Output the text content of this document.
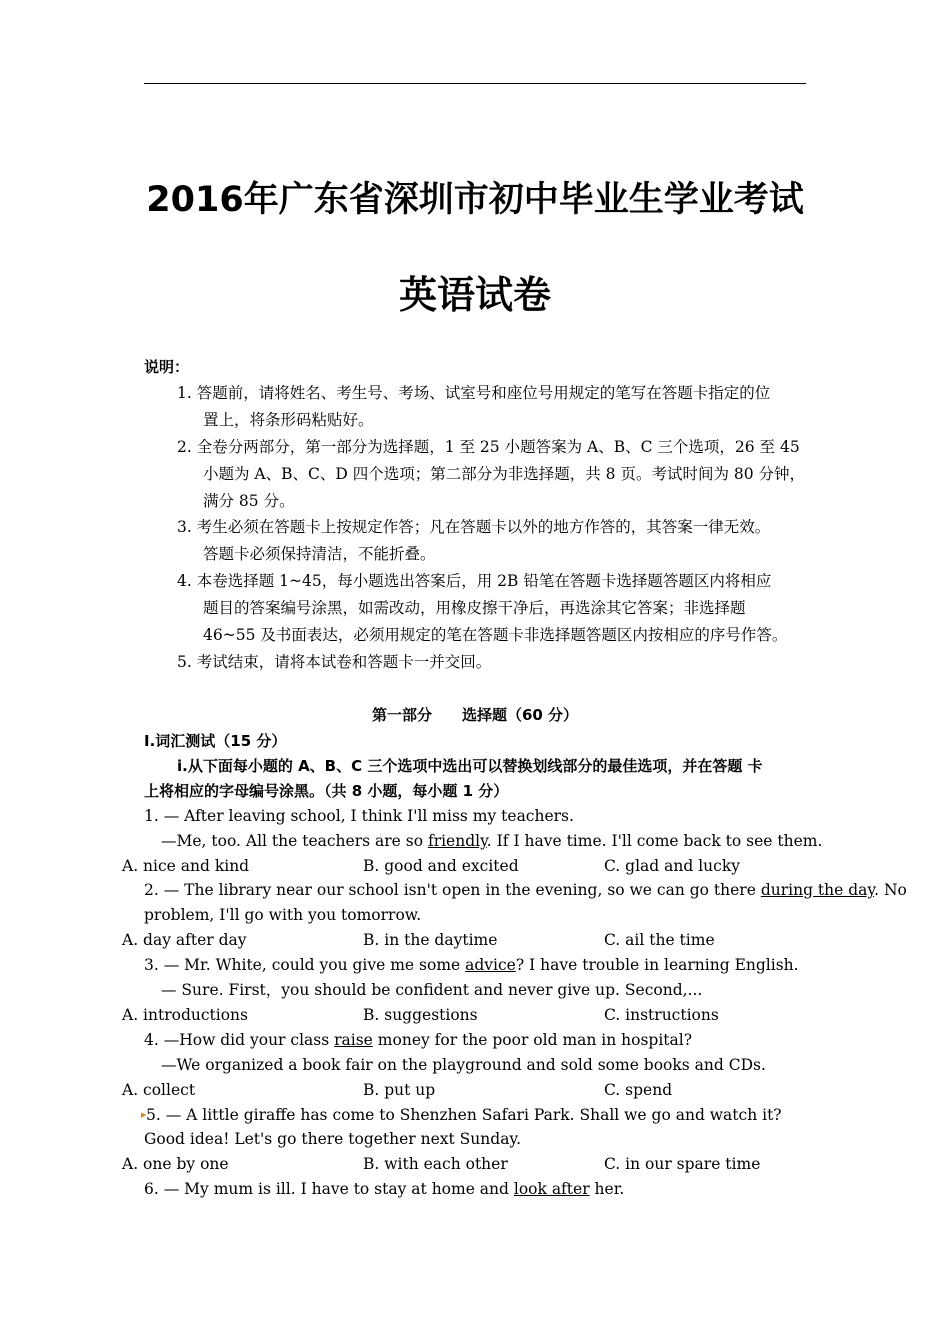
2016年广东省深圳市初中毕业生学业考试
英语试卷
说明：
1. 答题前，请将姓名、考生号、考场、试室号和座位号用规定的笔写在答题卡指定的位
置上，将条形码粘贴好。
2. 全卷分两部分，第一部分为选择题，1 至 25 小题答案为 A、B、C 三个选项，26 至 45
小题为 A、B、C、D 四个选项；第二部分为非选择题，共 8 页。考试时间为 80 分钟，
满分 85 分。
3. 考生必须在答题卡上按规定作答；凡在答题卡以外的地方作答的，其答案一律无效。
答题卡必须保持清洁，不能折叠。
4. 本卷选择题 1~45，每小题选出答案后，用 2B 铅笔在答题卡选择题答题区内将相应
题目的答案编号涂黑，如需改动，用橡皮擦干净后，再选涂其它答案；非选择题
46~55 及书面表达，必须用规定的笔在答题卡非选择题答题区内按相应的序号作答。
5. 考试结束，请将本试卷和答题卡一并交回。
第一部分　　选择题（60 分）
I.词汇测试（15 分）
i.从下面每小题的 A、B、C 三个选项中选出可以替换划线部分的最佳选项，并在答题 卡
上将相应的字母编号涂黑。（共 8 小题，每小题 1 分）
1. — After leaving school, I think I'll miss my teachers.
—Me, too. All the teachers are so friendly. If I have time. I'll come back to see them.
A. nice and kind	B. good and excited	C. glad and lucky
2. — The library near our school isn't open in the evening, so we can go there during the day. No
problem, I'll go with you tomorrow.
A. day after day	B. in the daytime	C. ail the time
3. — Mr. White, could you give me some advice? I have trouble in learning English.
— Sure. First，you should be confident and never give up. Second,...
A. introductions	B. suggestions	C. instructions
4. —How did your class raise money for the poor old man in hospital?
—We organized a book fair on the playground and sold some books and CDs.
A. collect	B. put up	C. spend
▸ 5. — A little giraffe has come to Shenzhen Safari Park. Shall we go and watch it?
Good idea! Let's go there together next Sunday.
A. one by one	B. with each other	C. in our spare time
6. — My mum is ill. I have to stay at home and look after her.
